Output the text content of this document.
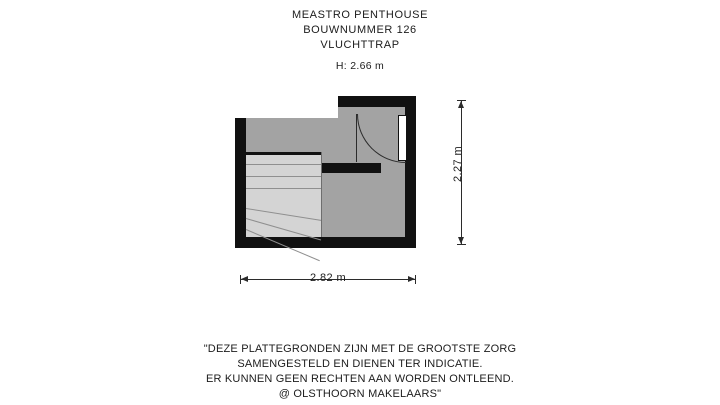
MEASTRO PENTHOUSE
BOUWNUMMER 126
VLUCHTTRAP
H: 2.66 m
2.82 m
2.27 m
"DEZE PLATTEGRONDEN ZIJN MET DE GROOTSTE ZORG
SAMENGESTELD EN DIENEN TER INDICATIE.
ER KUNNEN GEEN RECHTEN AAN WORDEN ONTLEEND.
@ OLSTHOORN MAKELAARS"
